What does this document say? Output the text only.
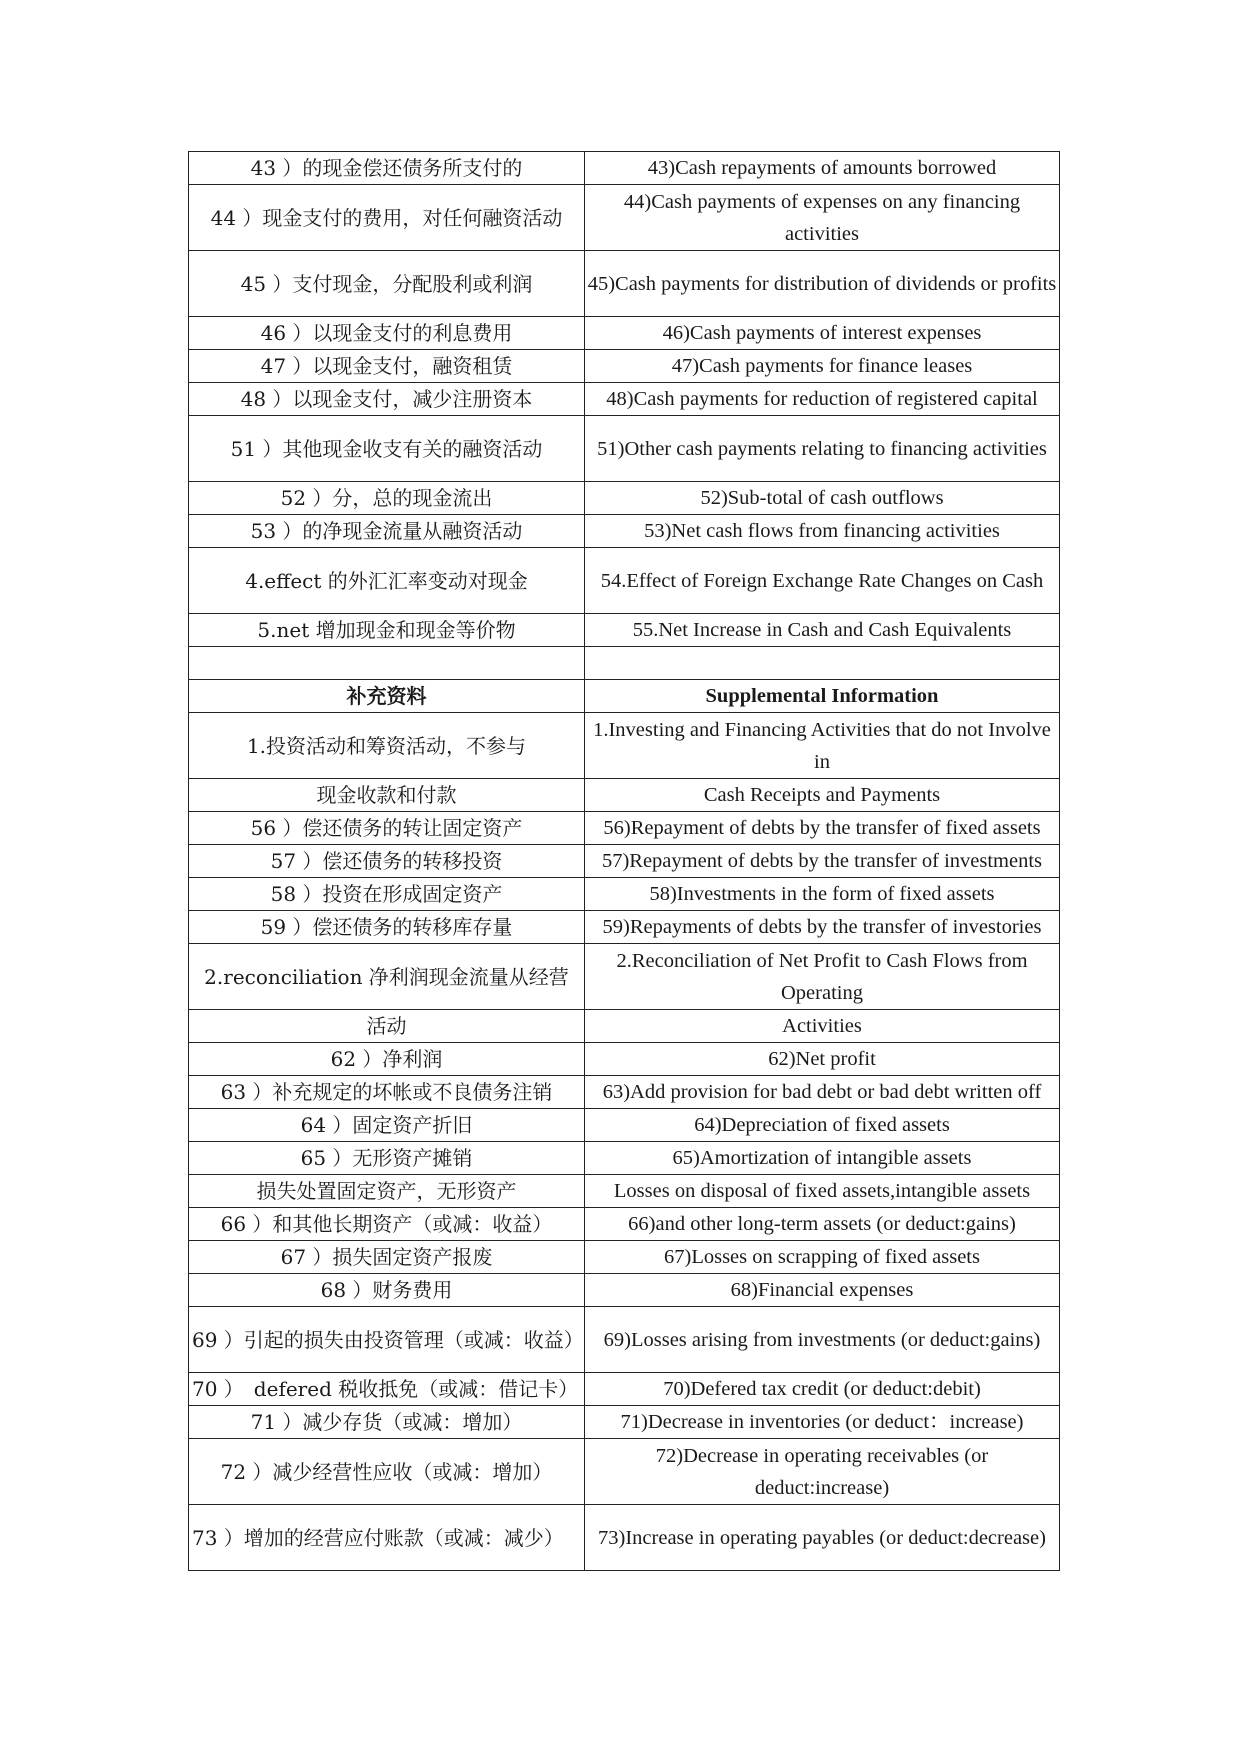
43 ）的现金偿还债务所支付的	43)Cash repayments of amounts borrowed
44 ）现金支付的费用，对任何融资活动	44)Cash payments of expenses on any financing activities
45 ）支付现金，分配股利或利润	45)Cash payments for distribution of dividends or profits
46 ）以现金支付的利息费用	46)Cash payments of interest expenses
47 ）以现金支付，融资租赁	47)Cash payments for finance leases
48 ）以现金支付，减少注册资本	48)Cash payments for reduction of registered capital
51 ）其他现金收支有关的融资活动	51)Other cash payments relating to financing activities
52 ）分，总的现金流出	52)Sub-total of cash outflows
53 ）的净现金流量从融资活动	53)Net cash flows from financing activities
4.effect 的外汇汇率变动对现金	54.Effect of Foreign Exchange Rate Changes on Cash
5.net 增加现金和现金等价物	55.Net Increase in Cash and Cash Equivalents

补充资料	Supplemental Information
1.投资活动和筹资活动，不参与	1.Investing and Financing Activities that do not Involve in
现金收款和付款	Cash Receipts and Payments
56 ）偿还债务的转让固定资产	56)Repayment of debts by the transfer of fixed assets
57 ）偿还债务的转移投资	57)Repayment of debts by the transfer of investments
58 ）投资在形成固定资产	58)Investments in the form of fixed assets
59 ）偿还债务的转移库存量	59)Repayments of debts by the transfer of investories
2.reconciliation 净利润现金流量从经营	2.Reconciliation of Net Profit to Cash Flows from Operating
活动	Activities
62 ）净利润	62)Net profit
63 ）补充规定的坏帐或不良债务注销	63)Add provision for bad debt or bad debt written off
64 ）固定资产折旧	64)Depreciation of fixed assets
65 ）无形资产摊销	65)Amortization of intangible assets
损失处置固定资产，无形资产	Losses on disposal of fixed assets,intangible assets
66 ）和其他长期资产（或减：收益）	66)and other long-term assets (or deduct:gains)
67 ）损失固定资产报废	67)Losses on scrapping of fixed assets
68 ）财务费用	68)Financial expenses
69 ）引起的损失由投资管理（或减：收益）	69)Losses arising from investments (or deduct:gains)
70 ）　defered 税收抵免（或减：借记卡）	70)Defered tax credit (or deduct:debit)
71 ）减少存货（或减：增加）	71)Decrease in inventories (or deduct：increase)
72 ）减少经营性应收（或减：增加）	72)Decrease in operating receivables (or deduct:increase)
73 ）增加的经营应付账款（或减：减少）	73)Increase in operating payables (or deduct:decrease)
